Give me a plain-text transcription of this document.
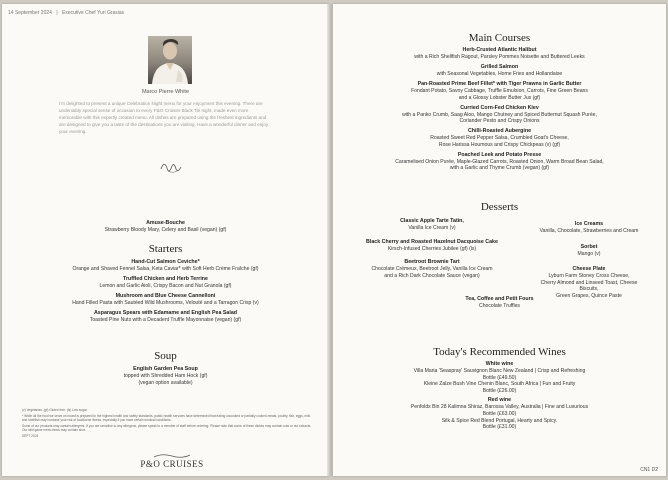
14 September 2024 | Executive Chef Yuri Grasias
Marco Pierre White
I'm delighted to present a unique Celebration Night menu for your enjoyment this evening. There are undeniably special sense of occasion to every P&O Cruises Black Tie night, made even more memorable with this expertly created menu. All dishes are prepared using the freshest ingredients and are designed to give you a taste of the destinations you are visiting. Have a wonderful dinner and enjoy your evening.
Amuse-Bouche
Strawberry Bloody Mary, Celery and Basil (vegan) (gf)
Starters
Hand-Cut Salmon Ceviche*
Orange and Shaved Fennel Salsa, Keta Caviar* with Soft Herb Crème Fraîche (gf)
Truffled Chicken and Herb Terrine
Lemon and Garlic Aioli, Crispy Bacon and Nut Granola (gf)
Mushroom and Blue Cheese Cannelloni
Hand Filled Pasta with Sautéed Wild Mushrooms, Velouté and a Tarragon Crisp (v)
Asparagus Spears with Edamame and English Pea Salad
Toasted Pine Nuts with a Decadent Truffle Mayonnaise (vegan) (gf)
Soup
English Garden Pea Soup
topped with Shredded Ham Hock (gf)
(vegan option available)

(v) Vegetarian. (gf) Gluten free. (ls) Low sugar.

* While all the food we serve on board is prepared to the highest health and safety standards, public health services have determined that eating uncooked or partially cooked meats, poultry, fish, eggs, milk and shellfish may increase your risk of foodborne illness, especially if you have certain medical conditions.

Some of our products may contain allergens. If you are sensitive to any allergens, please speak to a member of staff before ordering. Please note that some of these dishes may contain nuts or nut extracts. Our wild game menu items may contain shot.

SEPT 2024

P&O CRUISES
Main Courses
Herb-Crusted Atlantic Halibut
with a Rich Shellfish Ragout, Parsley Pommes Noisette and Buttered Leeks
Grilled Salmon
with Seasonal Vegetables, Home Fries and Hollandaise
Pan-Roasted Prime Beef Fillet* with Tiger Prawns in Garlic Butter
Fondant Potato, Savoy Cabbage, Truffle Emulsion, Carrots, Fine Green Beans
and a Glossy Lobster Butter Jus (gf)
Curried Corn-Fed Chicken Kiev
with a Panko Crumb, Saag Aloo, Mango Chutney and Spiced Butternut Squash Purée,
Coriander Pesto and Crispy Onions
Chilli-Roasted Aubergine
Roasted Sweet Red Pepper Salsa, Crumbled Goat's Cheese,
Rose Harissa Houmous and Crispy Chickpeas (v) (gf)
Poached Leek and Potato Presse
Caramelised Onion Purée, Maple-Glazed Carrots, Roasted Onion, Warm Broad Bean Salad,
with a Garlic and Thyme Crumb (vegan) (gf)
Desserts
Classic Apple Tarte Tatin,
Vanilla Ice Cream (v)
Black Cherry and Roasted Hazelnut Dacquoise Cake
Kirsch-Infused Cherries Jubilee (gf) (ls)
Beetroot Brownie Tart
Chocolate Crémeux, Beetroot Jelly, Vanilla Ice Cream
and a Rich Dark Chocolate Sauce (vegan)
Ice Creams
Vanilla, Chocolate, Strawberries and Cream
Sorbet
Mango (v)
Cheese Plate
Lyburn Farm Stoney Cross Cheese,
Cherry Almond and Linseed Toast, Cheese Biscuits,
Green Grapes, Quince Paste
Tea, Coffee and Petit Fours
Chocolate Truffles
Today's Recommended Wines
White wine
Villa Maria 'Seaspray' Sauvignon Blanc New Zealand | Crisp and Refreshing
Bottle (£49.50)
Kleine Zalze Bush Vine Chenin Blanc, South Africa | Fun and Fruity
Bottle (£26.00)
Red wine
Penfolds Bin 28 Kalimna Shiraz, Barossa Valley, Australia | Fine and Luxurious
Bottle (£63.00)
Silk & Spice Red Blend Portugal, Hearty and Spicy.
Bottle (£31.00)
CN1 D2
